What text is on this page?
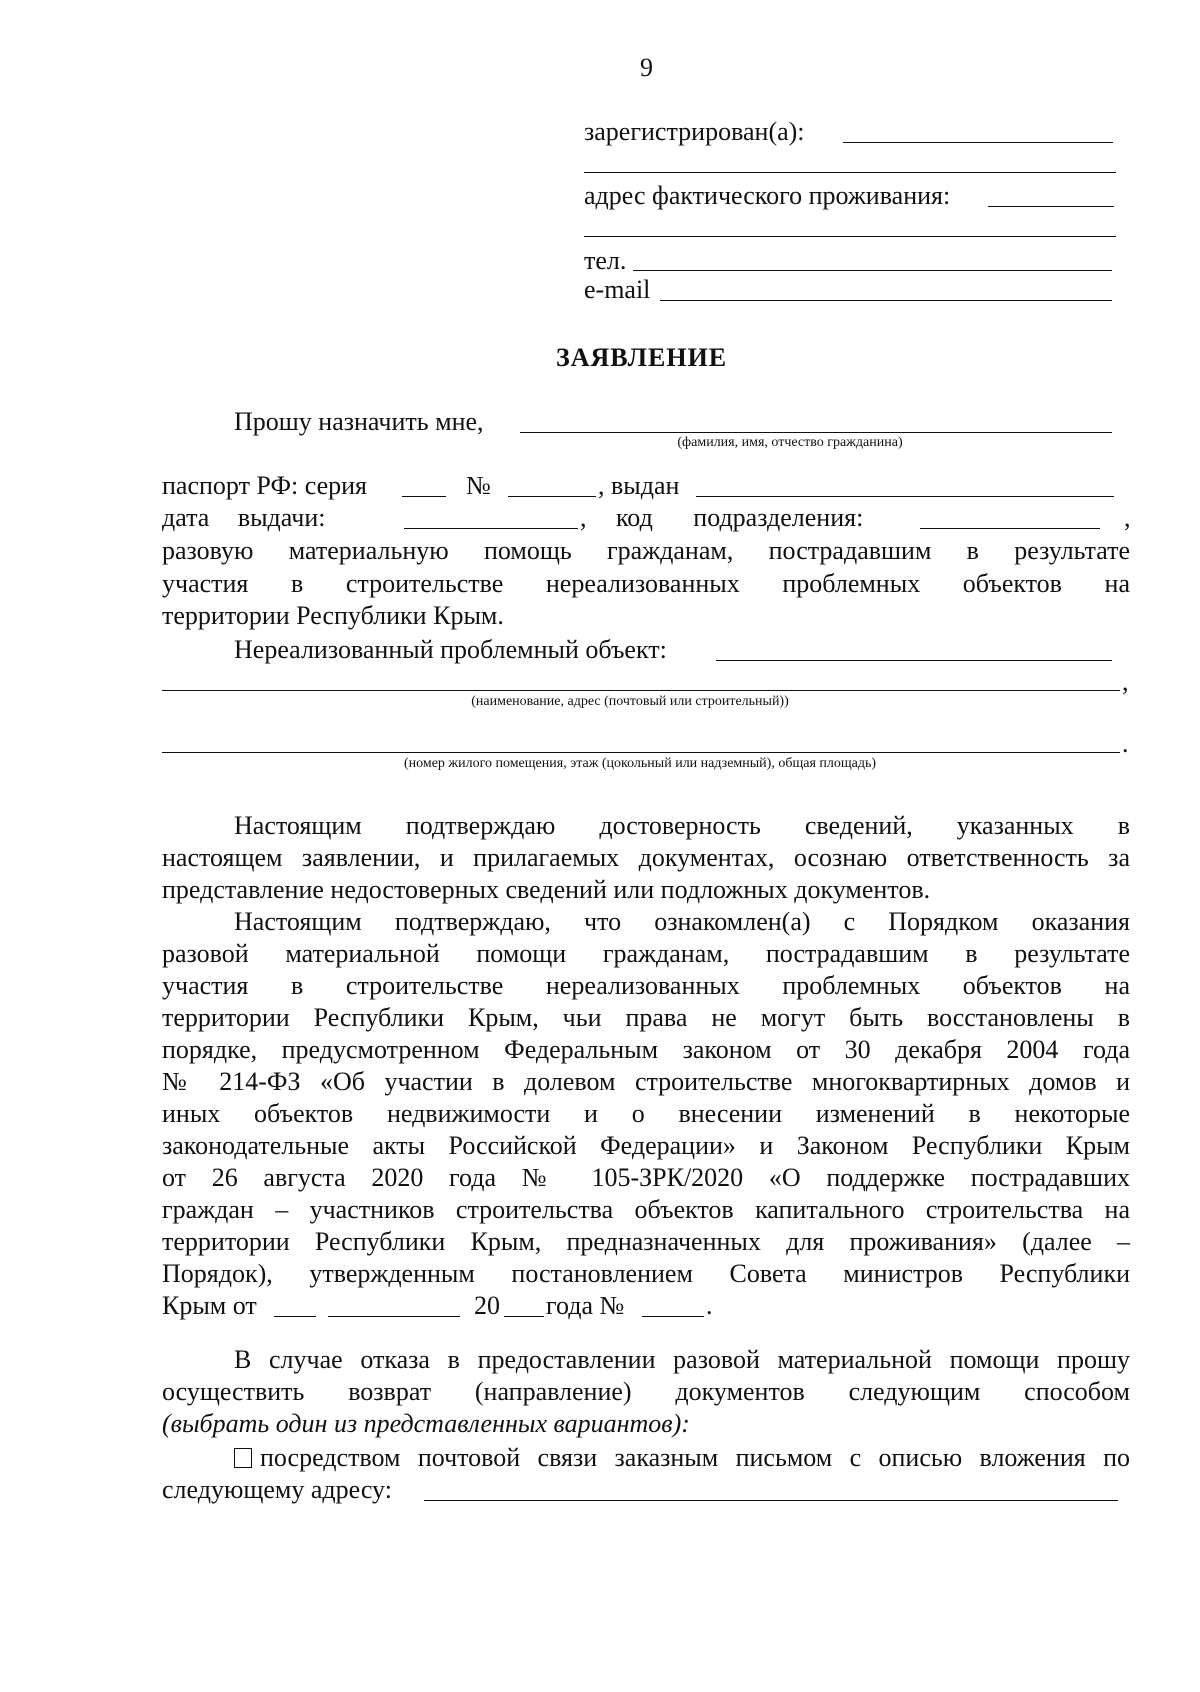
9
зарегистрирован(а):
адрес фактического проживания:
тел.
e-mail
ЗАЯВЛЕНИЕ
Прошу назначить мне,
(фамилия, имя, отчество гражданина)
паспорт РФ: серия	№	, выдан
дата выдачи:	, код подразделения:	,
разовую материальную помощь гражданам, пострадавшим в результате
участия в строительстве нереализованных проблемных объектов на
территории Республики Крым.
Нереализованный проблемный объект:
,
(наименование, адрес (почтовый или строительный))
.
(номер жилого помещения, этаж (цокольный или надземный), общая площадь)
Настоящим подтверждаю достоверность сведений, указанных в
настоящем заявлении, и прилагаемых документах, осознаю ответственность за
представление недостоверных сведений или подложных документов.
Настоящим подтверждаю, что ознакомлен(а) с Порядком оказания
разовой материальной помощи гражданам, пострадавшим в результате
участия в строительстве нереализованных проблемных объектов на
территории Республики Крым, чьи права не могут быть восстановлены в
порядке, предусмотренном Федеральным законом от 30 декабря 2004 года
№ 214-ФЗ «Об участии в долевом строительстве многоквартирных домов и
иных объектов недвижимости и о внесении изменений в некоторые
законодательные акты Российской Федерации» и Законом Республики Крым
от 26 августа 2020 года № 105-ЗРК/2020 «О поддержке пострадавших
граждан – участников строительства объектов капитального строительства на
территории Республики Крым, предназначенных для проживания» (далее –
Порядок), утвержденным постановлением Совета министров Республики
Крым от	20 года №	.
В случае отказа в предоставлении разовой материальной помощи прошу
осуществить возврат (направление) документов следующим способом
(выбрать один из представленных вариантов):
посредством почтовой связи заказным письмом с описью вложения по
следующему адресу:
